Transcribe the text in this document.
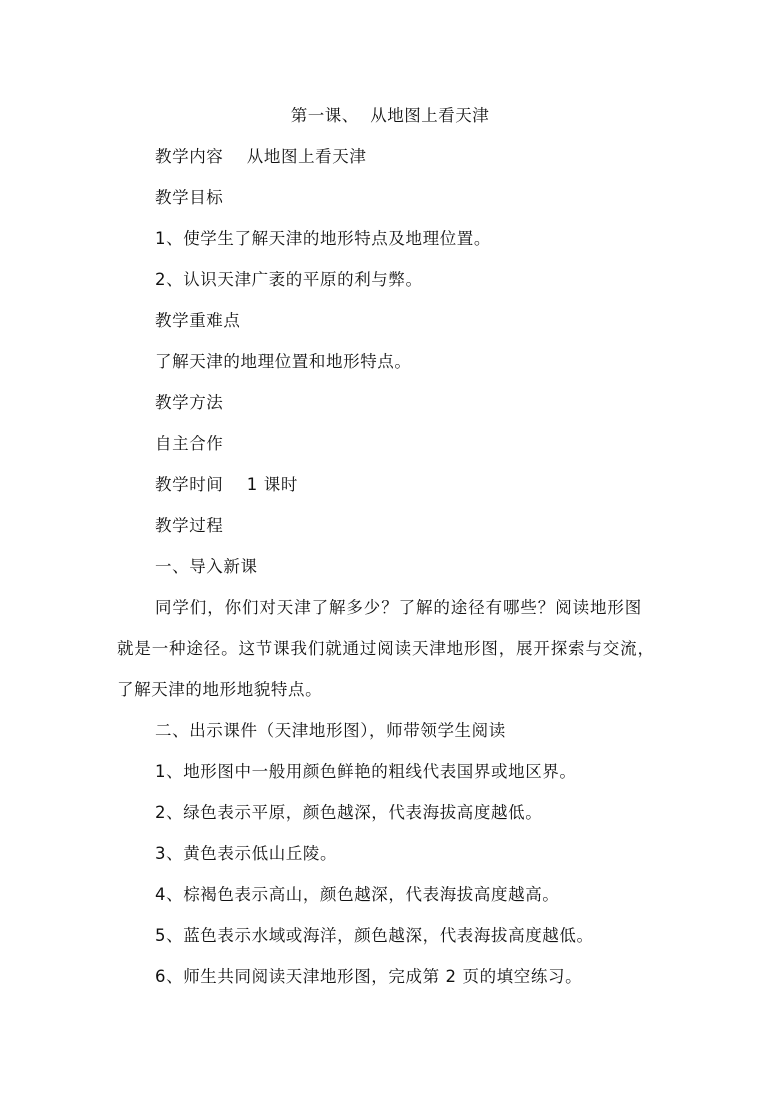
第一课、  从地图上看天津
教学内容    从地图上看天津
教学目标
1、使学生了解天津的地形特点及地理位置。
2、认识天津广袤的平原的利与弊。
教学重难点
了解天津的地理位置和地形特点。
教学方法
自主合作
教学时间    1 课时
教学过程
一、导入新课
同学们，你们对天津了解多少？了解的途径有哪些？阅读地形图
就是一种途径。这节课我们就通过阅读天津地形图，展开探索与交流，
了解天津的地形地貌特点。
二、出示课件（天津地形图），师带领学生阅读
1、地形图中一般用颜色鲜艳的粗线代表国界或地区界。
2、绿色表示平原，颜色越深，代表海拔高度越低。
3、黄色表示低山丘陵。
4、棕褐色表示高山，颜色越深，代表海拔高度越高。
5、蓝色表示水域或海洋，颜色越深，代表海拔高度越低。
6、师生共同阅读天津地形图，完成第 2 页的填空练习。
